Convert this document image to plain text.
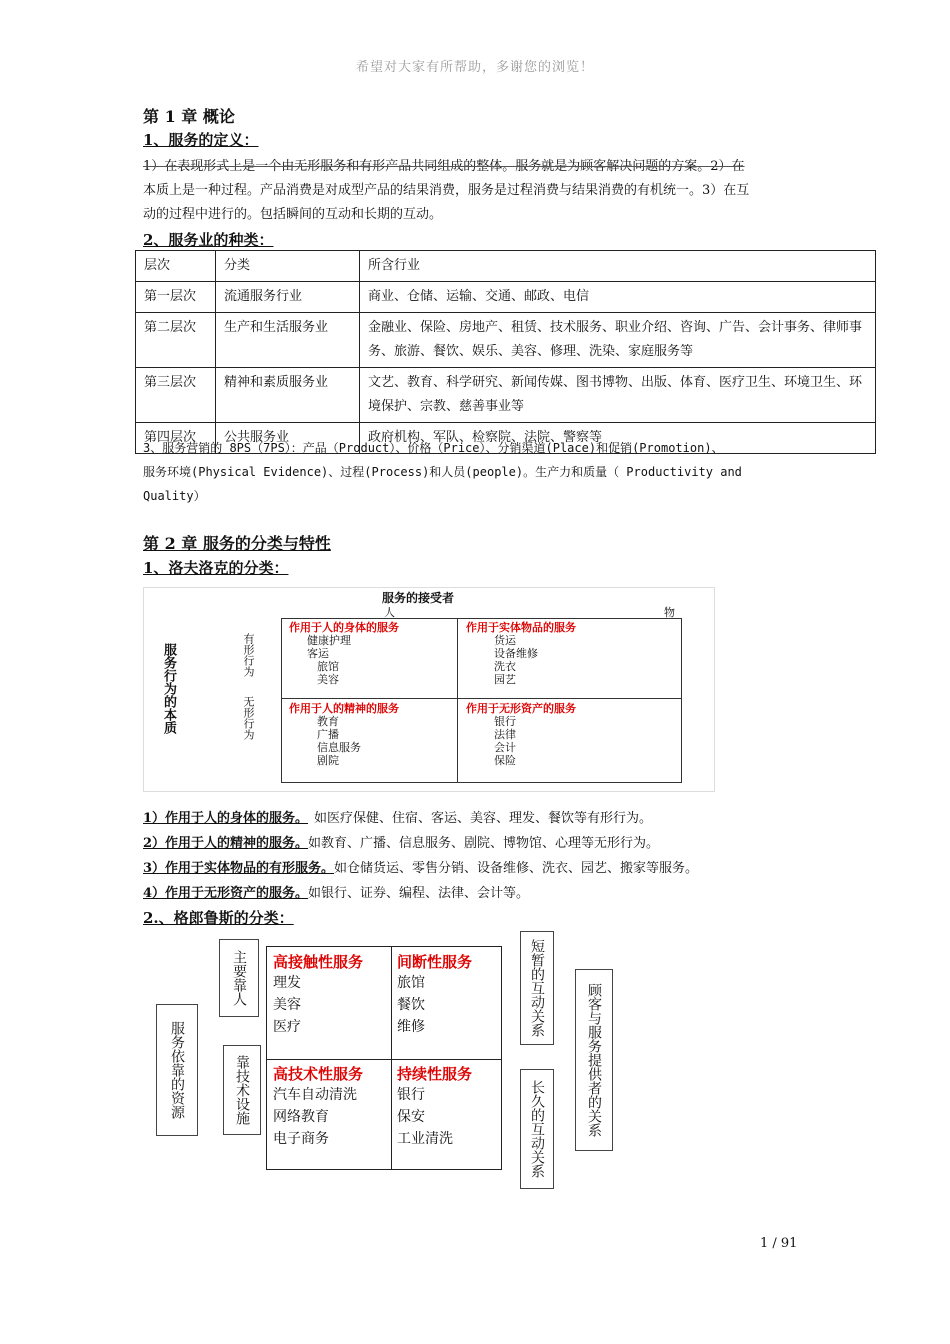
希望对大家有所帮助，多谢您的浏览！
第 1 章 概论
1、服务的定义：
1）在表现形式上是一个由无形服务和有形产品共同组成的整体。服务就是为顾客解决问题的方案。2）在
本质上是一种过程。产品消费是对成型产品的结果消费，服务是过程消费与结果消费的有机统一。3）在互
动的过程中进行的。包括瞬间的互动和长期的互动。
2、服务业的种类：
层次	分类	所含行业
第一层次	流通服务行业	商业、仓储、运输、交通、邮政、电信
第二层次	生产和生活服务业	金融业、保险、房地产、租赁、技术服务、职业介绍、咨询、广告、会计事务、律师事务、旅游、餐饮、娱乐、美容、修理、洗染、家庭服务等
第三层次	精神和素质服务业	文艺、教育、科学研究、新闻传媒、图书博物、出版、体育、医疗卫生、环境卫生、环境保护、宗教、慈善事业等
第四层次	公共服务业	政府机构、军队、检察院、法院、警察等
3、服务营销的 8PS（7PS）：产品（Product）、价格（Price）、分销渠道(Place)和促销(Promotion)、
服务环境(Physical Evidence)、过程(Process)和人员(people)。生产力和质量（ Productivity and
Quality）
第 2 章 服务的分类与特性
1、洛夫洛克的分类：
服务的接受者
人	物
服务行为的本质	有形行为
无形行为
作用于人的身体的服务
健康护理
客运
旅馆
美容
作用于实体物品的服务
货运
设备维修
洗衣
园艺
作用于人的精神的服务
教育
广播
信息服务
剧院
作用于无形资产的服务
银行
法律
会计
保险
1）作用于人的身体的服务。 如医疗保健、住宿、客运、美容、理发、餐饮等有形行为。
2）作用于人的精神的服务。如教育、广播、信息服务、剧院、博物馆、心理等无形行为。
3）作用于实体物品的有形服务。如仓储货运、零售分销、设备维修、洗衣、园艺、搬家等服务。
4）作用于无形资产的服务。如银行、证券、编程、法律、会计等。
2.、格郎鲁斯的分类：
服务依靠的资源
主要靠人
靠技术设施
高接触性服务
理发
美容
医疗
间断性服务
旅馆
餐饮
维修
高技术性服务
汽车自动清洗
网络教育
电子商务
持续性服务
银行
保安
工业清洗
短暂的互动关系
长久的互动关系	顾客与服务提供者的关系
1 / 91
